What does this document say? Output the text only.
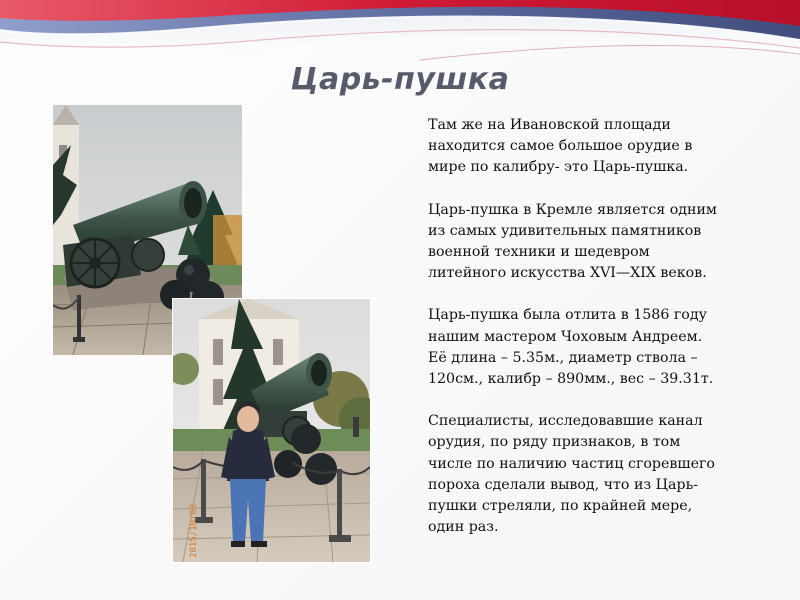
Царь-пушка
2015/10/02

Там же на Ивановской площади
находится самое большое орудие в
мире по калибру- это Царь-пушка.

Царь-пушка в Кремле является одним
из самых удивительных памятников
военной техники и шедевром
литейного искусства XVI—XIX веков.

Царь-пушка была отлита в 1586 году
нашим мастером Чоховым Андреем.
Её длина – 5.35м., диаметр ствола –
120см., калибр – 890мм., вес – 39.31т.

Специалисты, исследовавшие канал
орудия, по ряду признаков, в том
числе по наличию частиц сгоревшего
пороха сделали вывод, что из Царь-
пушки стреляли, по крайней мере,
один раз.
